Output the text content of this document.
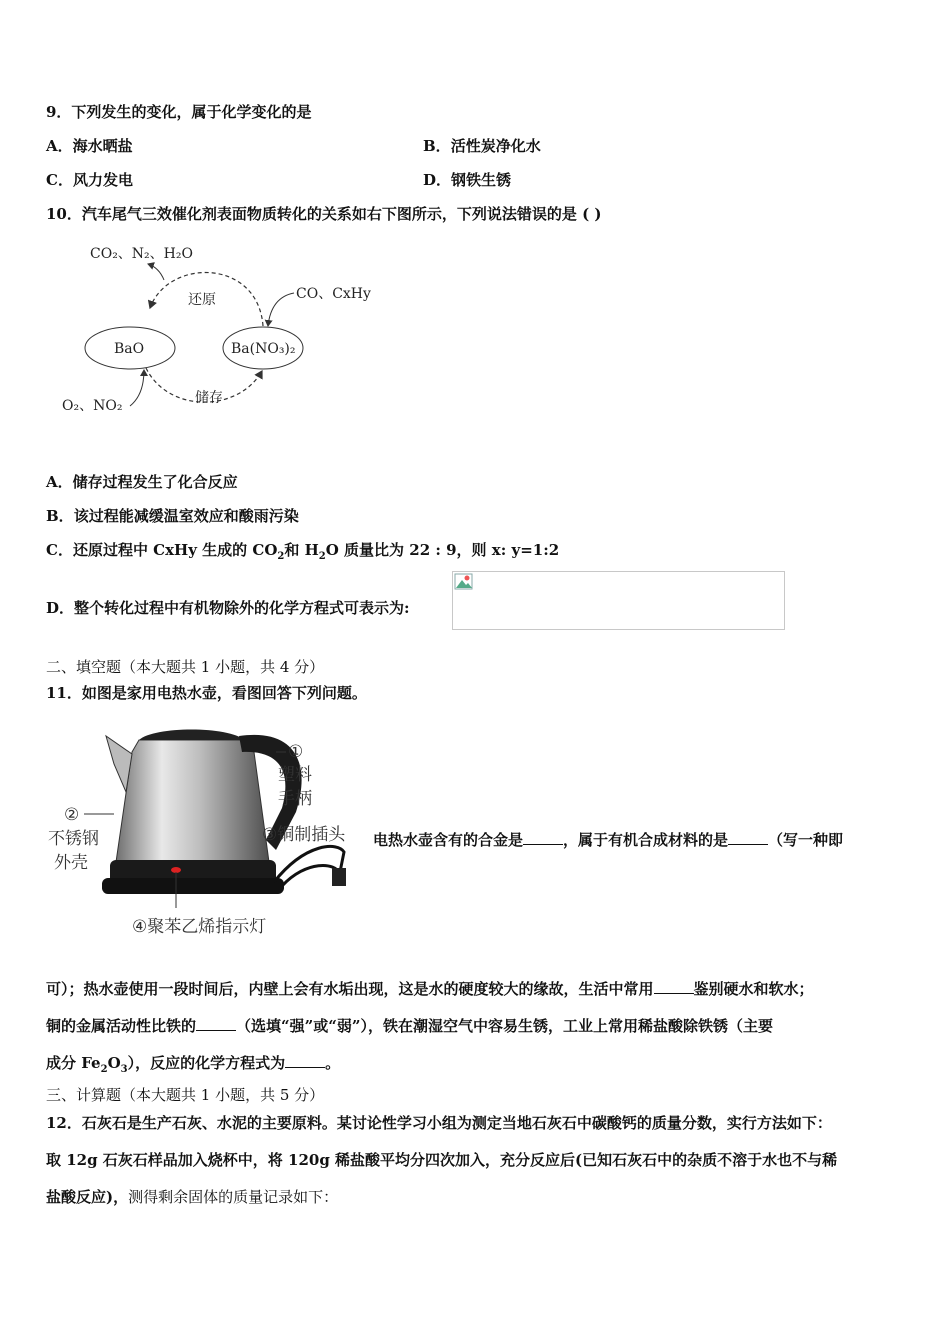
9．下列发生的变化，属于化学变化的是
A．海水晒盐	B．活性炭净化水
C．风力发电	D．钢铁生锈
10．汽车尾气三效催化剂表面物质转化的关系如右下图所示，下列说法错误的是 ( )
CO₂、N₂、H₂O
BaO	Ba(NO₃)₂
还原
储存
CO、CxHy
O₂、NO₂
A．储存过程发生了化合反应
B．该过程能减缓温室效应和酸雨污染
C．还原过程中 CxHy 生成的 $CO_2$和 $H_2O$ 质量比为 22 : 9，则 x: y=1:2
D．整个转化过程中有机物除外的化学方程式可表示为:
二、填空题（本大题共 1 小题，共 4 分）
11．如图是家用电热水壶，看图回答下列问题。
①
塑料
手柄
②
不锈钢
外壳
③铜制插头
④聚苯乙烯指示灯
电热水壶含有的合金是	，属于有机合成材料的是	（写一种即
可）；热水壶使用一段时间后，内壁上会有水垢出现，这是水的硬度较大的缘故，生活中常用	鉴别硬水和软水；
铜的金属活动性比铁的	（选填“强”或“弱”），铁在潮湿空气中容易生锈，工业上常用稀盐酸除铁锈（主要
成分 $Fe_2O_3$），反应的化学方程式为	。
三、计算题（本大题共 1 小题，共 5 分）
12．石灰石是生产石灰、水泥的主要原料。某讨论性学习小组为测定当地石灰石中碳酸钙的质量分数，实行方法如下：
取 12g 石灰石样品加入烧杯中，将 120g 稀盐酸平均分四次加入，充分反应后(已知石灰石中的杂质不溶于水也不与稀
盐酸反应)，测得剩余固体的质量记录如下：
